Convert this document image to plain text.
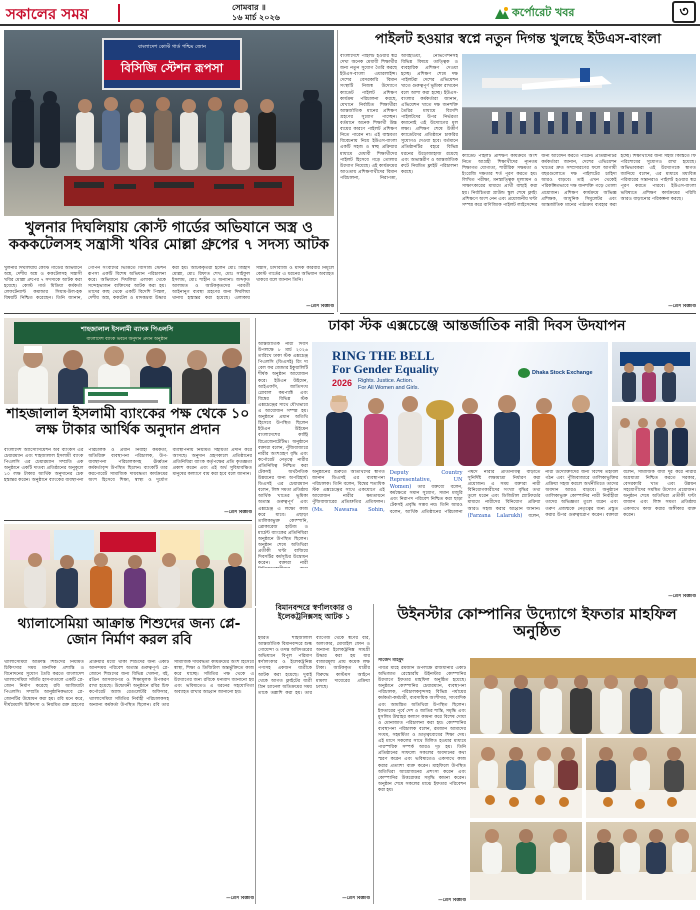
সকালের সময়	সোমবার ॥
১৬ মার্চ ২০২৬	কর্পোরেট খবর	৩
বাংলাদেশ কোস্ট গার্ড পশ্চিম জোন
বিসিজি স্টেশন রূপসা
খুলনার দিঘলিয়ায় কোস্ট গার্ডের অভিযানে অস্ত্র ও কককটেলসহ সন্ত্রাসী খবির মোল্লা গ্রুপের ৭ সদস্য আটক
খুলনার দিঘলিয়ায় কোস্ট গার্ডের অভিযানে অস্ত্র, দেশীয় অস্ত্র ও ককটেলসহ সন্ত্রাসী খবির মোল্লা গ্রুপের ৭ সদস্যকে আটক করা হয়েছে। কোস্ট গার্ড মিডিয়া কর্মকর্তা লেফটেন্যান্ট কমান্ডার সিয়াম-উল-হক বিষয়টি নিশ্চিত করেছেন। তিনি জানান, গোপন সংবাদের ভিত্তিতে বিসিজি স্টেশন রূপসা একটি বিশেষ অভিযান পরিচালনা করে। অভিযানে দিঘলিয়া এলাকা থেকে সন্দেহভাজন ব্যক্তিদের আটক করা হয়। তাদের কাছ থেকে একটি বিদেশি পিস্তল, দেশীয় অস্ত্র, ককটেল ও মাদকদ্রব্য উদ্ধার করা হয়। আটককৃতরা হলেন মোঃ জিহাদ মোল্লা, মোঃ রিফাত শেখ, মোঃ সাইফুল ইসলাম, মোঃ শাহীন ও অন্যান্য। জব্দকৃত আলামত ও আটককৃতদের পরবর্তী আইনানুগ ব্যবস্থা গ্রহণের জন্য দিঘলিয়া থানায় হস্তান্তর করা হয়েছে। এলাকায় সন্ত্রাস, চাঁদাবাজি ও মাদক কারবার নির্মূলে কোস্ট গার্ডের এ ধরনের অভিযান অব্যাহত থাকবে বলে জানান তিনি।
—প্রেস বিজ্ঞপ্তি
পাইলট হওয়ার স্বপ্নে নতুন দিগন্ত খুলছে ইউএস-বাংলা
বাংলাদেশে পাইলট হওয়ার স্বপ্ন দেখা অনেক মেধাবী শিক্ষার্থীর জন্য নতুন সুযোগ তৈরি করছে ইউএস-বাংলা এয়ারলাইন্স। দেশের বেসরকারি বিমান সংস্থাটি নিজস্ব উদ্যোগে ক্যাডেট পাইলট প্রশিক্ষণ কার্যক্রম পরিচালনা করছে, যেখানে নির্বাচিত শিক্ষার্থীরা আন্তর্জাতিক মানের প্রশিক্ষণ গ্রহণের সুযোগ পাচ্ছেন। বর্তমানে অনেক শিক্ষার্থী উচ্চ ব্যয়ের কারণে পাইলট প্রশিক্ষণ নিতে পারেন না। এই বাস্তবতা বিবেচনায় নিয়ে ইউএস-বাংলা একটি সহজ ও স্বচ্ছ প্রক্রিয়ার মাধ্যমে মেধাবী শিক্ষার্থীদের পাইলট হিসেবে গড়ে তোলার উদ্যোগ নিয়েছে। এই কার্যক্রমের আওতায় প্রশিক্ষণার্থীদের বিমান পরিচালনা, নিরাপত্তা, আবহাওয়া, নেভিগেশনসহ বিভিন্ন বিষয়ে তাত্ত্বিক ও ব্যবহারিক প্রশিক্ষণ দেওয়া হচ্ছে। প্রশিক্ষণ শেষে দক্ষ পাইলটরা দেশের এভিয়েশন খাতে গুরুত্বপূর্ণ ভূমিকা রাখবেন বলে আশা করা হচ্ছে। ইউএস-বাংলার কর্মকর্তারা জানান, এভিয়েশন খাতে দক্ষ জনশক্তি তৈরির মাধ্যমে বিদেশি পাইলটদের উপর নির্ভরতা কমানোই এই উদ্যোগের মূল লক্ষ্য। প্রশিক্ষণ শেষে উত্তীর্ণ ক্যাডেটদের প্রতিষ্ঠানে চাকরির সুযোগও দেওয়া হবে। বর্তমানে প্রতিষ্ঠানটির বহরে বিভিন্ন ধরনের উড়োজাহাজ রয়েছে এবং অভ্যন্তরীণ ও আন্তর্জাতিক রুটে নিয়মিত ফ্লাইট পরিচালনা করছে।
ক্যাডেট পাইলট প্রশিক্ষণ কার্যক্রমে অংশ নিতে আগ্রহী শিক্ষার্থীদের ন্যূনতম শিক্ষাগত যোগ্যতা, শারীরিক সক্ষমতা ও ইংরেজি দক্ষতার শর্ত পূরণ করতে হয়। লিখিত পরীক্ষা, মনস্তাত্ত্বিক মূল্যায়ন ও সাক্ষাৎকারের মাধ্যমে প্রার্থী বাছাই করা হয়। নির্বাচিতরা গ্রাউন্ড স্কুল শেষে ফ্লাইং প্রশিক্ষণে অংশ নেন এবং প্রয়োজনীয় ঘণ্টা সম্পন্ন করে বাণিজ্যিক পাইলট লাইসেন্সের জন্য আবেদন করতে পারেন। প্রতিষ্ঠানটির কর্মকর্তারা জানান, দেশের এভিয়েশন খাতের দ্রুত সম্প্রসারণের ফলে আগামী বছরগুলোতে দক্ষ পাইলটের চাহিদা আরও বাড়বে। তাই এখন থেকেই পরিকল্পিতভাবে দক্ষ জনশক্তি গড়ে তোলা প্রয়োজন। প্রশিক্ষণ কার্যক্রমে অভিজ্ঞ প্রশিক্ষক, আধুনিক সিমুলেটর এবং আন্তর্জাতিক মানের পাঠ্যক্রম ব্যবহার করা হচ্ছে। শিক্ষার্থীদের জন্য সহজ কিস্তিতে ফি পরিশোধের সুযোগও রাখা হয়েছে। অভিভাবকরা এই উদ্যোগকে স্বাগত জানিয়ে বলেন, এর মাধ্যমে মধ্যবিত্ত পরিবারের সন্তানরাও পাইলট হওয়ার স্বপ্ন পূরণ করতে পারবে। ইউএস-বাংলা ভবিষ্যতে প্রশিক্ষণ কার্যক্রমের পরিধি আরও বাড়ানোর পরিকল্পনা করছে।
—প্রেস বিজ্ঞপ্তি
শাহজালাল ইসলামী ব্যাংক পিএলসি
বাংলাদেশ ব্যাংক ভবনে অনুদান প্রদান অনুষ্ঠান
শাহজালাল ইসলামী ব্যাংকের পক্ষ থেকে ১০ লক্ষ টাকার আর্থিক অনুদান প্রদান
বাংলাদেশ অ্যাসোসিয়েশন অব ব্যাংকস এর চেয়ারম্যান এবং শাহজালাল ইসলামী ব্যাংক পিএলসি এর চেয়ারম্যান সম্প্রতি এক অনুষ্ঠানে একটি দাতব্য প্রতিষ্ঠানের অনুকূলে ১০ লক্ষ টাকার আর্থিক অনুদানের চেক হস্তান্তর করেন। অনুষ্ঠানে ব্যাংকের ব্যবস্থাপনা পরিচালক ও প্রধান নির্বাহী কর্মকর্তা, অতিরিক্ত ব্যবস্থাপনা পরিচালক, উপ-ব্যবস্থাপনা পরিচালকসহ ঊর্ধ্বতন কর্মকর্তাবৃন্দ উপস্থিত ছিলেন। ব্যাংকটি তার করপোরেট সামাজিক দায়বদ্ধতা কার্যক্রমের অংশ হিসেবে শিক্ষা, স্বাস্থ্য ও দুর্যোগ ব্যবস্থাপনায় নিয়মিত সহায়তা প্রদান করে আসছে। অনুদান গ্রহণকালে প্রতিষ্ঠানের প্রতিনিধিরা ব্যাংক কর্তৃপক্ষের প্রতি কৃতজ্ঞতা প্রকাশ করেন এবং এই অর্থ সুবিধাবঞ্চিত মানুষের কল্যাণে ব্যয় করা হবে বলে জানান।
—প্রেস বিজ্ঞপ্তি
ঢাকা স্টক এক্সচেঞ্জে আন্তর্জাতিক নারী দিবস উদযাপন
আন্তর্জাতিক নারী দিবস উপলক্ষে ৮ মার্চ ২০২৬ তারিখে ঢাকা স্টক এক্সচেঞ্জ পিএলসি (ডিএসই) রিং দ্য বেল ফর জেন্ডার ইকুয়ালিটি শীর্ষক অনুষ্ঠান আয়োজন করে। ইউএন উইমেন, আইএফসি, জাতিসংঘ গ্লোবাল কমপ্যাক্ট এবং বিশ্বের বিভিন্ন স্টক এক্সচেঞ্জের সাথে যৌথভাবে এ আয়োজন সম্পন্ন হয়। অনুষ্ঠানে প্রধান অতিথি হিসেবে উপস্থিত ছিলেন ইউএন উইমেন বাংলাদেশের কান্ট্রি রিপ্রেজেনটেটিভ। অনুষ্ঠানে বক্তারা বলেন, পুঁজিবাজারে নারীর অংশগ্রহণ বৃদ্ধি এবং কর্পোরেট নেতৃত্বে নারীর প্রতিনিধিত্ব নিশ্চিত করা টেকসই অর্থনৈতিক উন্নয়নের জন্য অপরিহার্য। ডিএসই এর চেয়ারম্যান বলেন, লিঙ্গ সমতা প্রতিষ্ঠায় আর্থিক খাতের ভূমিকা অত্যন্ত গুরুত্বপূর্ণ এবং এক্সচেঞ্জ এ লক্ষ্যে কাজ করে যাবে। এছাড়া তালিকাভুক্ত কোম্পানি, ব্রোকারেজ হাউজ ও মার্চেন্ট ব্যাংকের প্রতিনিধিরা অনুষ্ঠানে উপস্থিত ছিলেন। অনুষ্ঠান শেষে অতিথিরা প্রতীকী ঘণ্টা বাজিয়ে দিবসটির কর্মসূচির উদ্বোধন করেন। বক্তারা নারী
RING THE BELL
For Gender Equality
2026 Rights. Justice. Action.
For All Women and Girls.
Dhaka Stock Exchange
অনুষ্ঠানের শুরুতে অতিথিদের স্বাগত জানান ডিএসই এর ব্যবস্থাপনা পরিচালক। তিনি বলেন, বিশ্বের শতাধিক স্টক এক্সচেঞ্জের সাথে একযোগে এই আয়োজন নারীর ক্ষমতায়নে পুঁজিবাজারের প্রতিশ্রুতির প্রতিফলন। (Ms. Nawarsa Sohin, Deputy Country Representative, UN Women) তার বক্তব্যে বলেন, কর্মক্ষেত্রে সমান সুযোগ, সমান মজুরি এবং নিরাপদ পরিবেশ নিশ্চিত করা ছাড়া টেকসই প্রবৃদ্ধি সম্ভব নয়। তিনি আরও বলেন, আর্থিক প্রতিষ্ঠানের পরিচালনা পর্ষদে নারীর প্রতিনিধিত্ব বাড়াতে সুনির্দিষ্ট লক্ষ্যমাত্রা নির্ধারণ করা প্রয়োজন। এ সময় বক্তারা নারী বিনিয়োগকারীদের সংখ্যা বৃদ্ধির তথ্য তুলে ধরেন এবং ডিজিটাল প্ল্যাটফর্মের মাধ্যমে নারীদের বিনিয়োগ প্রক্রিয়া আরও সহজ করার আহ্বান জানান। (Farzana Lalarukh) বলেন, নারী উদ্যোক্তাদের জন্য বিশেষ তহবিল গঠন এবং পুঁজিবাজারে তালিকাভুক্তির প্রক্রিয়া সহজ করলে অর্থনীতিতে তাদের অবদান আরও বাড়বে। অনুষ্ঠানে তালিকাভুক্ত কোম্পানির নারী নির্বাহীরা তাদের অভিজ্ঞতা তুলে ধরেন এবং তরুণ প্রজন্মকে নেতৃত্বের জন্য প্রস্তুত করার উপর গুরুত্বারোপ করেন। বক্তারা বলেন, সামাজিক বাধা দূর করে নারীর অগ্রযাত্রা নিশ্চিত করতে সরকার, বেসরকারি খাত এবং উন্নয়ন সহযোগীদের সমন্বিত উদ্যোগ প্রয়োজন। অনুষ্ঠান শেষে অতিথিরা প্রতীকী ঘণ্টা বাজান এবং লিঙ্গ সমতা প্রতিষ্ঠায় একসাথে কাজ করার অঙ্গীকার ব্যক্ত করেন।
—প্রেস বিজ্ঞপ্তি
বিমানবন্দরে স্বর্ণালংকার ও ইলেকট্রনিক্সসহ আটক ১
থ্যালাসেমিয়া আক্রান্ত শিশুদের জন্য প্লে-জোন নির্মাণ করল রবি
থ্যালাসেমিয়া আক্রান্ত শিশুদের নিয়মিত চিকিৎসার সময় মানসিক প্রশান্তি ও বিনোদনের সুযোগ তৈরি করতে বাংলাদেশ থ্যালাসেমিয়া সমিতি হাসপাতালে একটি প্লে-জোন নির্মাণ করেছে রবি আজিয়াটা পিএলসি। সম্প্রতি আনুষ্ঠানিকভাবে প্লে-জোনটির উদ্বোধন করা হয়। রবি মনে করে, দীর্ঘমেয়াদি চিকিৎসা ও নিয়মিত রক্ত গ্রহণের প্রক্রিয়ার মধ্যে থাকা শিশুদের জন্য একটি আনন্দময় পরিবেশ অত্যন্ত গুরুত্বপূর্ণ। প্লে-জোনে শিশুদের জন্য বিভিন্ন খেলনা, বই, রঙিন আসবাবপত্র ও শিক্ষামূলক উপকরণ রাখা হয়েছে। উদ্বোধনী অনুষ্ঠানে রবির চিফ কর্পোরেট অ্যান্ড রেগুলেটরি অফিসার, থ্যালাসেমিয়া সমিতির নির্বাহী পরিচালকসহ অন্যান্য কর্মকর্তা উপস্থিত ছিলেন। রবি তার সামাজিক দায়বদ্ধতা কার্যক্রমের অংশ হিসেবে স্বাস্থ্য, শিক্ষা ও ডিজিটাল অন্তর্ভুক্তিতে কাজ করে যাচ্ছে। সমিতির পক্ষ থেকে এ উদ্যোগের জন্য রবিকে ধন্যবাদ জানানো হয় এবং ভবিষ্যতেও এ ধরনের সহযোগিতা অব্যাহত রাখার আহ্বান জানানো হয়।
—প্রেস বিজ্ঞপ্তি
হযরত শাহজালাল আন্তর্জাতিক বিমানবন্দরে শুল্ক গোয়েন্দা ও তদন্ত অধিদপ্তরের অভিযানে বিপুল পরিমাণ স্বর্ণালংকার ও ইলেকট্রনিক্স পণ্যসহ একজন যাত্রীকে আটক করা হয়েছে। দুবাই থেকে আগত ফ্লাইটের যাত্রী গ্রিন চ্যানেল অতিক্রমের সময় তাকে তল্লাশি করা হয়। তার ব্যাগেজ থেকে স্বর্ণের বার, অলংকার, মোবাইল ফোন ও অন্যান্য ইলেকট্রনিক্স সামগ্রী উদ্ধার করা হয় যার বাজারমূল্য প্রায় কয়েক লক্ষ টাকা। আটককৃত যাত্রীর বিরুদ্ধে কাস্টমস আইনে মামলা দায়েরের প্রক্রিয়া চলছে।
—প্রেস বিজ্ঞপ্তি
উইনস্টার কোম্পানির উদ্যোগে ইফতার মাহফিল অনুষ্ঠিত
সাজেদ মাহমুদ
পবিত্র মাহে রমজান উপলক্ষে রাজধানীর একটি অভিজাত রেস্তোরাঁয় উইনস্টার কোম্পানির উদ্যোগে ইফতার মাহফিল অনুষ্ঠিত হয়েছে। অনুষ্ঠানে কোম্পানির চেয়ারম্যান, ব্যবস্থাপনা পরিচালক, পরিচালকবৃন্দসহ বিভিন্ন পর্যায়ের কর্মকর্তা-কর্মচারী, ব্যবসায়িক অংশীদার, সাংবাদিক এবং আমন্ত্রিত অতিথিরা উপস্থিত ছিলেন। ইফতারের পূর্বে দেশ ও জাতির শান্তি, সমৃদ্ধি এবং মুসলিম উম্মাহর কল্যাণ কামনা করে বিশেষ দোয়া ও মোনাজাত পরিচালনা করা হয়। কোম্পানির ব্যবস্থাপনা পরিচালক বলেন, রমজান আমাদের সংযম, সহমর্মিতা ও ভ্রাতৃত্ববোধের শিক্ষা দেয়। এই মাসে সকলের সাথে মিলিত হওয়ার মাধ্যমে পারস্পরিক সম্পর্ক আরও দৃঢ় হয়। তিনি প্রতিষ্ঠানের সাফল্যে সকলের অবদানের কথা স্মরণ করেন এবং ভবিষ্যতেও একসাথে কাজ করার প্রত্যাশা ব্যক্ত করেন। মাহফিলে উপস্থিত অতিথিরা আয়োজনের প্রশংসা করেন এবং কোম্পানির উত্তরোত্তর সমৃদ্ধি কামনা করেন। অনুষ্ঠান শেষে সকলের মাঝে ইফতার পরিবেশন করা হয়।
—প্রেস বিজ্ঞপ্তি
